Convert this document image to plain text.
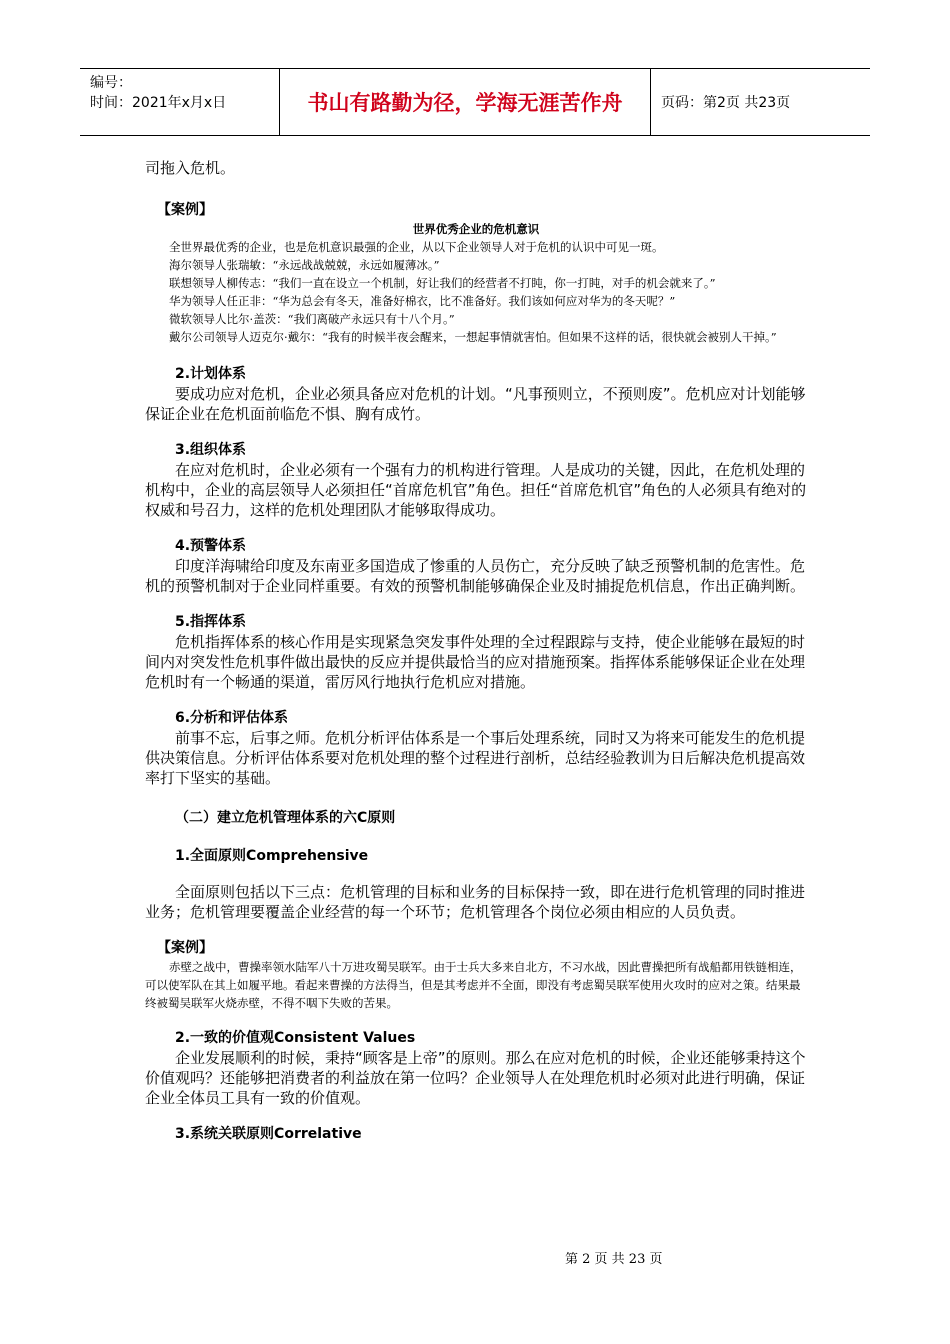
编号：
时间：2021年x月x日	书山有路勤为径，学海无涯苦作舟	页码：第2页 共23页

司拖入危机。

【案例】

世界优秀企业的危机意识

全世界最优秀的企业，也是危机意识最强的企业，从以下企业领导人对于危机的认识中可见一斑。

海尔领导人张瑞敏：“永远战战兢兢，永远如履薄冰。”

联想领导人柳传志：“我们一直在设立一个机制，好让我们的经营者不打盹，你一打盹，对手的机会就来了。”

华为领导人任正非：“华为总会有冬天，准备好棉衣，比不准备好。我们该如何应对华为的冬天呢？”

微软领导人比尔·盖茨：“我们离破产永远只有十八个月。”

戴尔公司领导人迈克尔·戴尔：“我有的时候半夜会醒来，一想起事情就害怕。但如果不这样的话，很快就会被别人干掉。”

2.计划体系

要成功应对危机，企业必须具备应对危机的计划。“凡事预则立，不预则废”。危机应对计划能够保证企业在危机面前临危不惧、胸有成竹。

3.组织体系

在应对危机时，企业必须有一个强有力的机构进行管理。人是成功的关键，因此，在危机处理的机构中，企业的高层领导人必须担任“首席危机官”角色。担任“首席危机官”角色的人必须具有绝对的权威和号召力，这样的危机处理团队才能够取得成功。

4.预警体系

印度洋海啸给印度及东南亚多国造成了惨重的人员伤亡，充分反映了缺乏预警机制的危害性。危机的预警机制对于企业同样重要。有效的预警机制能够确保企业及时捕捉危机信息，作出正确判断。

5.指挥体系

危机指挥体系的核心作用是实现紧急突发事件处理的全过程跟踪与支持，使企业能够在最短的时间内对突发性危机事件做出最快的反应并提供最恰当的应对措施预案。指挥体系能够保证企业在处理危机时有一个畅通的渠道，雷厉风行地执行危机应对措施。

6.分析和评估体系

前事不忘，后事之师。危机分析评估体系是一个事后处理系统，同时又为将来可能发生的危机提供决策信息。分析评估体系要对危机处理的整个过程进行剖析，总结经验教训为日后解决危机提高效率打下坚实的基础。

（二）建立危机管理体系的六C原则

1.全面原则Comprehensive

全面原则包括以下三点：危机管理的目标和业务的目标保持一致，即在进行危机管理的同时推进业务；危机管理要覆盖企业经营的每一个环节；危机管理各个岗位必须由相应的人员负责。

【案例】

赤壁之战中，曹操率领水陆军八十万进攻蜀吴联军。由于士兵大多来自北方，不习水战，因此曹操把所有战船都用铁链相连，可以使军队在其上如履平地。看起来曹操的方法得当，但是其考虑并不全面，即没有考虑蜀吴联军使用火攻时的应对之策。结果最终被蜀吴联军火烧赤壁，不得不咽下失败的苦果。

2.一致的价值观Consistent Values

企业发展顺利的时候，秉持“顾客是上帝”的原则。那么在应对危机的时候，企业还能够秉持这个价值观吗？还能够把消费者的利益放在第一位吗？企业领导人在处理危机时必须对此进行明确，保证企业全体员工具有一致的价值观。

3.系统关联原则Correlative

第 2 页 共 23 页
